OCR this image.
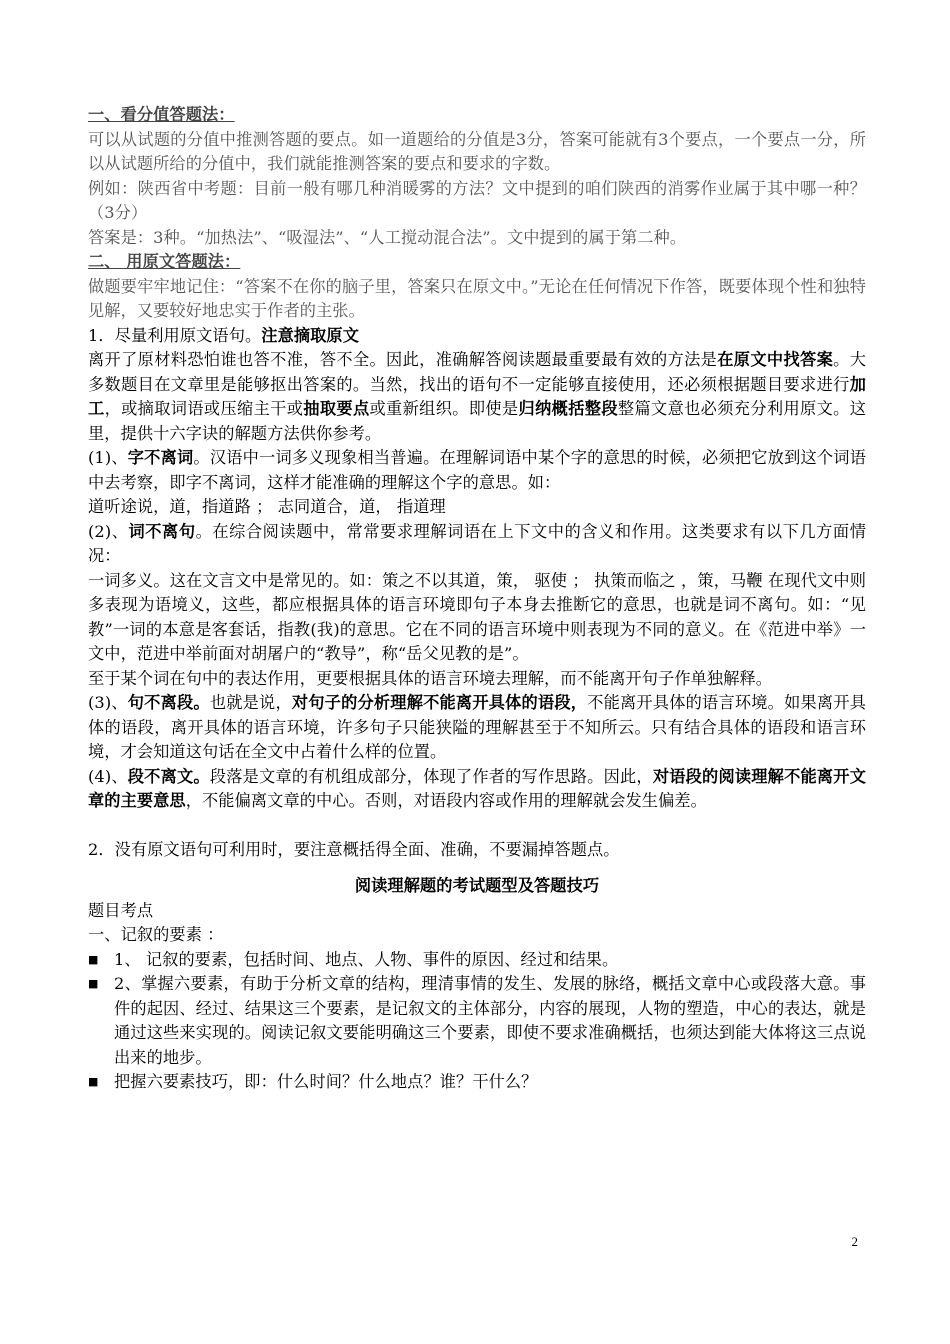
一、看分值答题法：

可以从试题的分值中推测答题的要点。如一道题给的分值是3分，答案可能就有3个要点，一个要点一分，所以从试题所给的分值中，我们就能推测答案的要点和要求的字数。

例如：陕西省中考题：目前一般有哪几种消暖雾的方法？文中提到的咱们陕西的消雾作业属于其中哪一种？（3分）

答案是：3种。“加热法”、“吸湿法”、“人工搅动混合法”。文中提到的属于第二种。

二、 用原文答题法：

做题要牢牢地记住：“答案不在你的脑子里，答案只在原文中。”无论在任何情况下作答，既要体现个性和独特见解，又要较好地忠实于作者的主张。

1．尽量利用原文语句。注意摘取原文

离开了原材料恐怕谁也答不准，答不全。因此，准确解答阅读题最重要最有效的方法是在原文中找答案。大多数题目在文章里是能够抠出答案的。当然，找出的语句不一定能够直接使用，还必须根据题目要求进行加工，或摘取词语或压缩主干或抽取要点或重新组织。即使是归纳概括整段整篇文意也必须充分利用原文。这里，提供十六字诀的解题方法供你参考。

(1)、字不离词。汉语中一词多义现象相当普遍。在理解词语中某个字的意思的时候，必须把它放到这个词语中去考察，即字不离词，这样才能准确的理解这个字的意思。如：

道听途说，道，指道路 ； 志同道合，道， 指道理

(2)、词不离句。在综合阅读题中，常常要求理解词语在上下文中的含义和作用。这类要求有以下几方面情况：

一词多义。这在文言文中是常见的。如：策之不以其道，策， 驱使 ； 执策而临之 ，策，马鞭 在现代文中则多表现为语境义，这些，都应根据具体的语言环境即句子本身去推断它的意思，也就是词不离句。如：“见教”一词的本意是客套话，指教(我)的意思。它在不同的语言环境中则表现为不同的意义。在《范进中举》一文中，范进中举前面对胡屠户的“教导”，称“岳父见教的是”。

至于某个词在句中的表达作用，更要根据具体的语言环境去理解，而不能离开句子作单独解释。

(3)、句不离段。也就是说，对句子的分析理解不能离开具体的语段，不能离开具体的语言环境。如果离开具体的语段，离开具体的语言环境，许多句子只能狭隘的理解甚至于不知所云。只有结合具体的语段和语言环境，才会知道这句话在全文中占着什么样的位置。

(4)、段不离文。段落是文章的有机组成部分，体现了作者的写作思路。因此，对语段的阅读理解不能离开文章的主要意思，不能偏离文章的中心。否则，对语段内容或作用的理解就会发生偏差。

2．没有原文语句可利用时，要注意概括得全面、准确，不要漏掉答题点。

阅读理解题的考试题型及答题技巧

题目考点

一、记叙的要素 ：

■ 1、 记叙的要素，包括时间、地点、人物、事件的原因、经过和结果。
■ 2、掌握六要素，有助于分析文章的结构，理清事情的发生、发展的脉络，概括文章中心或段落大意。事件的起因、经过、结果这三个要素，是记叙文的主体部分，内容的展现，人物的塑造，中心的表达，就是通过这些来实现的。阅读记叙文要能明确这三个要素，即使不要求准确概括，也须达到能大体将这三点说出来的地步。
■ 把握六要素技巧，即：什么时间？什么地点？谁？干什么？
2
